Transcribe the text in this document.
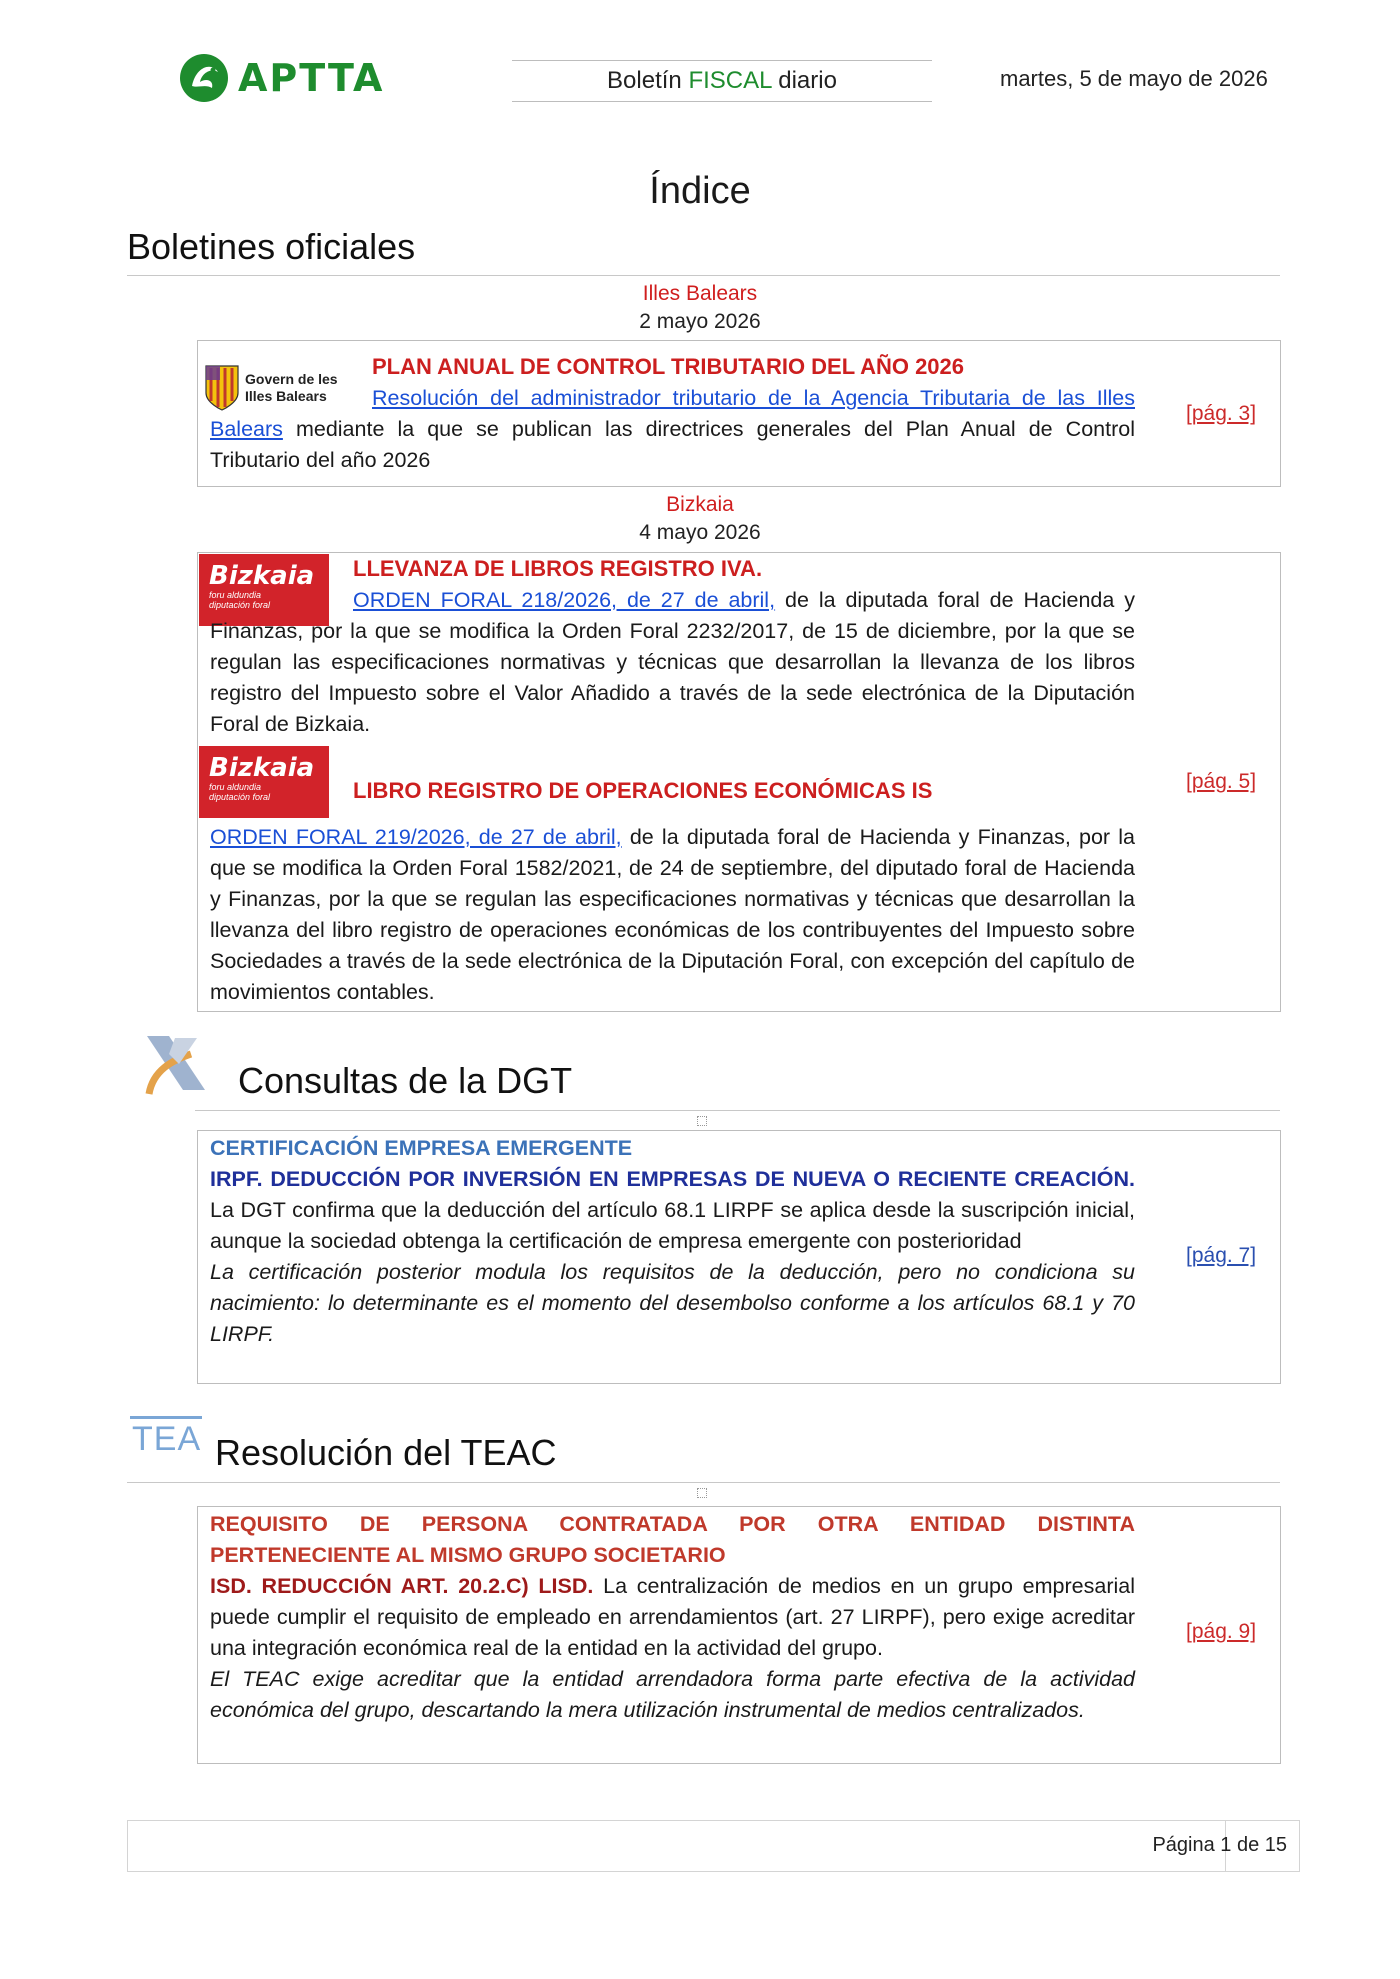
APTTA	Boletín FISCAL diario	martes, 5 de mayo de 2026
Índice
Boletines oficiales
Illes Balears
2 mayo 2026
Govern de les
Illes Balears
PLAN ANUAL DE CONTROL TRIBUTARIO DEL AÑO 2026
Resolución del administrador tributario de la Agencia Tributaria de las Illes Balears mediante la que se publican las directrices generales del Plan Anual de Control Tributario del año 2026
[pág. 3]
Bizkaia
4 mayo 2026
Bizkaia
foru aldundia
diputación foral
LLEVANZA DE LIBROS REGISTRO IVA.
ORDEN FORAL 218/2026, de 27 de abril, de la diputada foral de Hacienda y Finanzas, por la que se modifica la Orden Foral 2232/2017, de 15 de diciembre, por la que se regulan las especificaciones normativas y técnicas que desarrollan la llevanza de los libros registro del Impuesto sobre el Valor Añadido a través de la sede electrónica de la Diputación Foral de Bizkaia.
Bizkaia
foru aldundia
diputación foral	LIBRO REGISTRO DE OPERACIONES ECONÓMICAS IS
ORDEN FORAL 219/2026, de 27 de abril, de la diputada foral de Hacienda y Finanzas, por la que se modifica la Orden Foral 1582/2021, de 24 de septiembre, del diputado foral de Hacienda y Finanzas, por la que se regulan las especificaciones normativas y técnicas que desarrollan la llevanza del libro registro de operaciones económicas de los contribuyentes del Impuesto sobre Sociedades a través de la sede electrónica de la Diputación Foral, con excepción del capítulo de movimientos contables.
[pág. 5]
Consultas de la DGT
CERTIFICACIÓN EMPRESA EMERGENTE
IRPF. DEDUCCIÓN POR INVERSIÓN EN EMPRESAS DE NUEVA O RECIENTE CREACIÓN. La DGT confirma que la deducción del artículo 68.1 LIRPF se aplica desde la suscripción inicial, aunque la sociedad obtenga la certificación de empresa emergente con posterioridad
La certificación posterior modula los requisitos de la deducción, pero no condiciona su nacimiento: lo determinante es el momento del desembolso conforme a los artículos 68.1 y 70 LIRPF.
[pág. 7]
TEA Resolución del TEAC
REQUISITO DE PERSONA CONTRATADA POR OTRA ENTIDAD DISTINTA PERTENECIENTE AL MISMO GRUPO SOCIETARIO
ISD. REDUCCIÓN ART. 20.2.C) LISD. La centralización de medios en un grupo empresarial puede cumplir el requisito de empleado en arrendamientos (art. 27 LIRPF), pero exige acreditar una integración económica real de la entidad en la actividad del grupo.
El TEAC exige acreditar que la entidad arrendadora forma parte efectiva de la actividad económica del grupo, descartando la mera utilización instrumental de medios centralizados.
[pág. 9]
Página 1 de 15
